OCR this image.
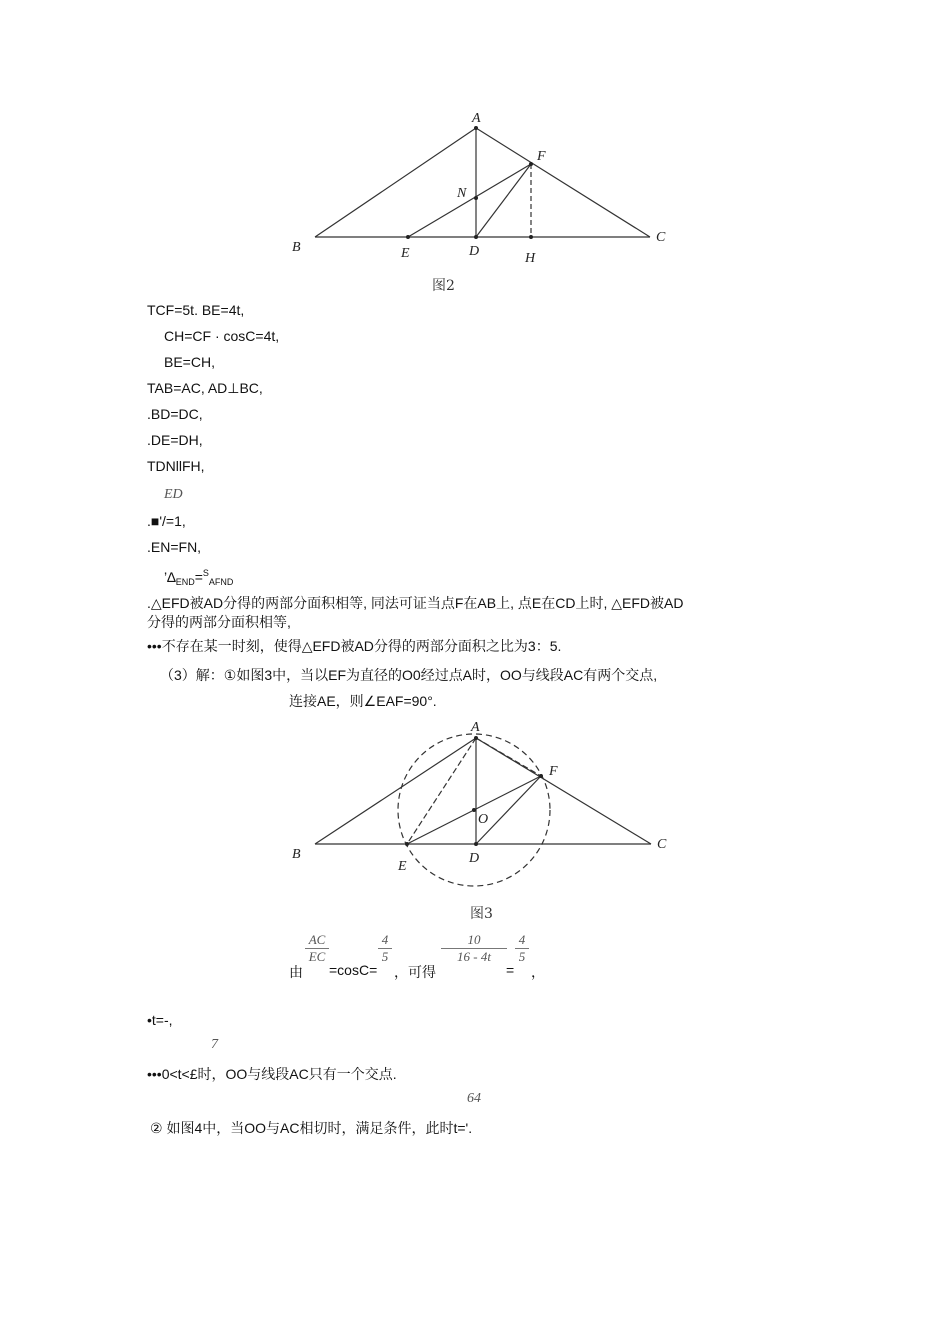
A
B
C
D
E
F
H
N
图2
TCF=5t. BE=4t,
CH=CF · cosC=4t,
BE=CH,
TAB=AC, AD⊥BC,
.BD=DC,
.DE=DH,
TDNllFH,
ED
.■'/=1,
.EN=FN,
$’\Delta_{END}=^S_{AFND}$
.△EFD被AD分得的两部分面积相等, 同法可证当点F在AB上, 点E在CD上时, △EFD被AD
分得的两部分面积相等,
•••不存在某一时刻，使得△EFD被AD分得的两部分面积之比为3：5.
（3）解：①如图3中，当以EF为直径的O0经过点A时，OO与线段AC有两个交点,
连接AE，则∠EAF=90°.
A
B
C
D
E
F
O
图3
由
$\frac{AC}{EC}$
=cosC=
$\frac{4}{5}$
，可得
$\frac{10}{16 - 4t}$
=
$\frac{4}{5}$
，
•t=-,
7
•••0<t<£时，OO与线段AC只有一个交点.
64
② 如图4中，当OO与AC相切时，满足条件，此时t='.
